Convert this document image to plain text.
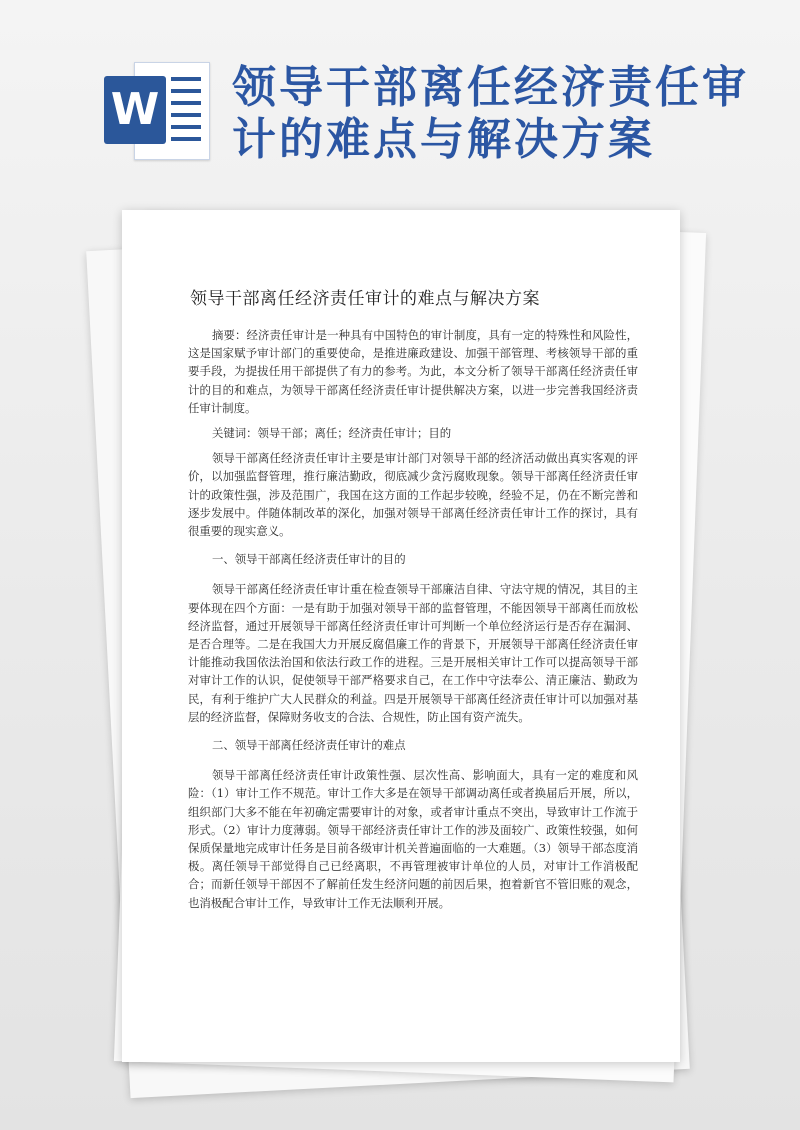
W 领导干部离任经济责任审计的难点与解决方案
领导干部离任经济责任审计的难点与解决方案

摘要：经济责任审计是一种具有中国特色的审计制度，具有一定的特殊性和风险性，这是国家赋予审计部门的重要使命，是推进廉政建设、加强干部管理、考核领导干部的重要手段，为提拔任用干部提供了有力的参考。为此，本文分析了领导干部离任经济责任审计的目的和难点，为领导干部离任经济责任审计提供解决方案，以进一步完善我国经济责任审计制度。

关键词：领导干部；离任；经济责任审计；目的

领导干部离任经济责任审计主要是审计部门对领导干部的经济活动做出真实客观的评价，以加强监督管理，推行廉洁勤政，彻底减少贪污腐败现象。领导干部离任经济责任审计的政策性强，涉及范围广，我国在这方面的工作起步较晚，经验不足，仍在不断完善和逐步发展中。伴随体制改革的深化，加强对领导干部离任经济责任审计工作的探讨，具有很重要的现实意义。

一、领导干部离任经济责任审计的目的

领导干部离任经济责任审计重在检查领导干部廉洁自律、守法守规的情况，其目的主要体现在四个方面：一是有助于加强对领导干部的监督管理，不能因领导干部离任而放松经济监督，通过开展领导干部离任经济责任审计可判断一个单位经济运行是否存在漏洞、是否合理等。二是在我国大力开展反腐倡廉工作的背景下，开展领导干部离任经济责任审计能推动我国依法治国和依法行政工作的进程。三是开展相关审计工作可以提高领导干部对审计工作的认识，促使领导干部严格要求自己，在工作中守法奉公、清正廉洁、勤政为民，有利于维护广大人民群众的利益。四是开展领导干部离任经济责任审计可以加强对基层的经济监督，保障财务收支的合法、合规性，防止国有资产流失。

二、领导干部离任经济责任审计的难点

领导干部离任经济责任审计政策性强、层次性高、影响面大，具有一定的难度和风险：（1）审计工作不规范。审计工作大多是在领导干部调动离任或者换届后开展，所以，组织部门大多不能在年初确定需要审计的对象，或者审计重点不突出，导致审计工作流于形式。（2）审计力度薄弱。领导干部经济责任审计工作的涉及面较广、政策性较强，如何保质保量地完成审计任务是目前各级审计机关普遍面临的一大难题。（3）领导干部态度消极。离任领导干部觉得自己已经离职，不再管理被审计单位的人员，对审计工作消极配合；而新任领导干部因不了解前任发生经济问题的前因后果，抱着新官不管旧账的观念，也消极配合审计工作，导致审计工作无法顺利开展。
